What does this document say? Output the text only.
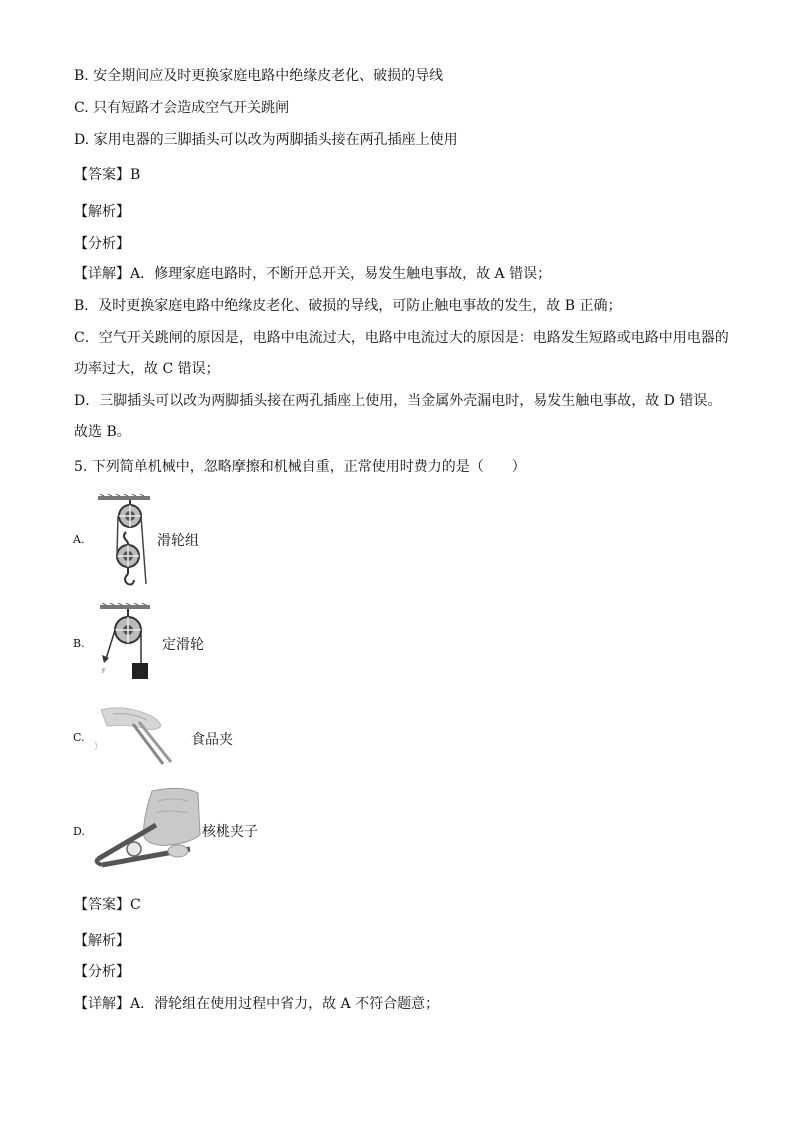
B. 安全期间应及时更换家庭电路中绝缘皮老化、破损的导线
C. 只有短路才会造成空气开关跳闸
D. 家用电器的三脚插头可以改为两脚插头接在两孔插座上使用
【答案】B
【解析】
【分析】
【详解】A．修理家庭电路时，不断开总开关，易发生触电事故，故 A 错误；
B．及时更换家庭电路中绝缘皮老化、破损的导线，可防止触电事故的发生，故 B 正确；
C．空气开关跳闸的原因是，电路中电流过大，电路中电流过大的原因是：电路发生短路或电路中用电器的
功率过大，故 C 错误；
D．三脚插头可以改为两脚插头接在两孔插座上使用，当金属外壳漏电时，易发生触电事故，故 D 错误。
故选 B。
5. 下列简单机械中，忽略摩擦和机械自重，正常使用时费力的是（　　）
A.	滑轮组
B.
F
定滑轮
C.	食品夹
D.	核桃夹子
【答案】C
【解析】
【分析】
【详解】A．滑轮组在使用过程中省力，故 A 不符合题意；
